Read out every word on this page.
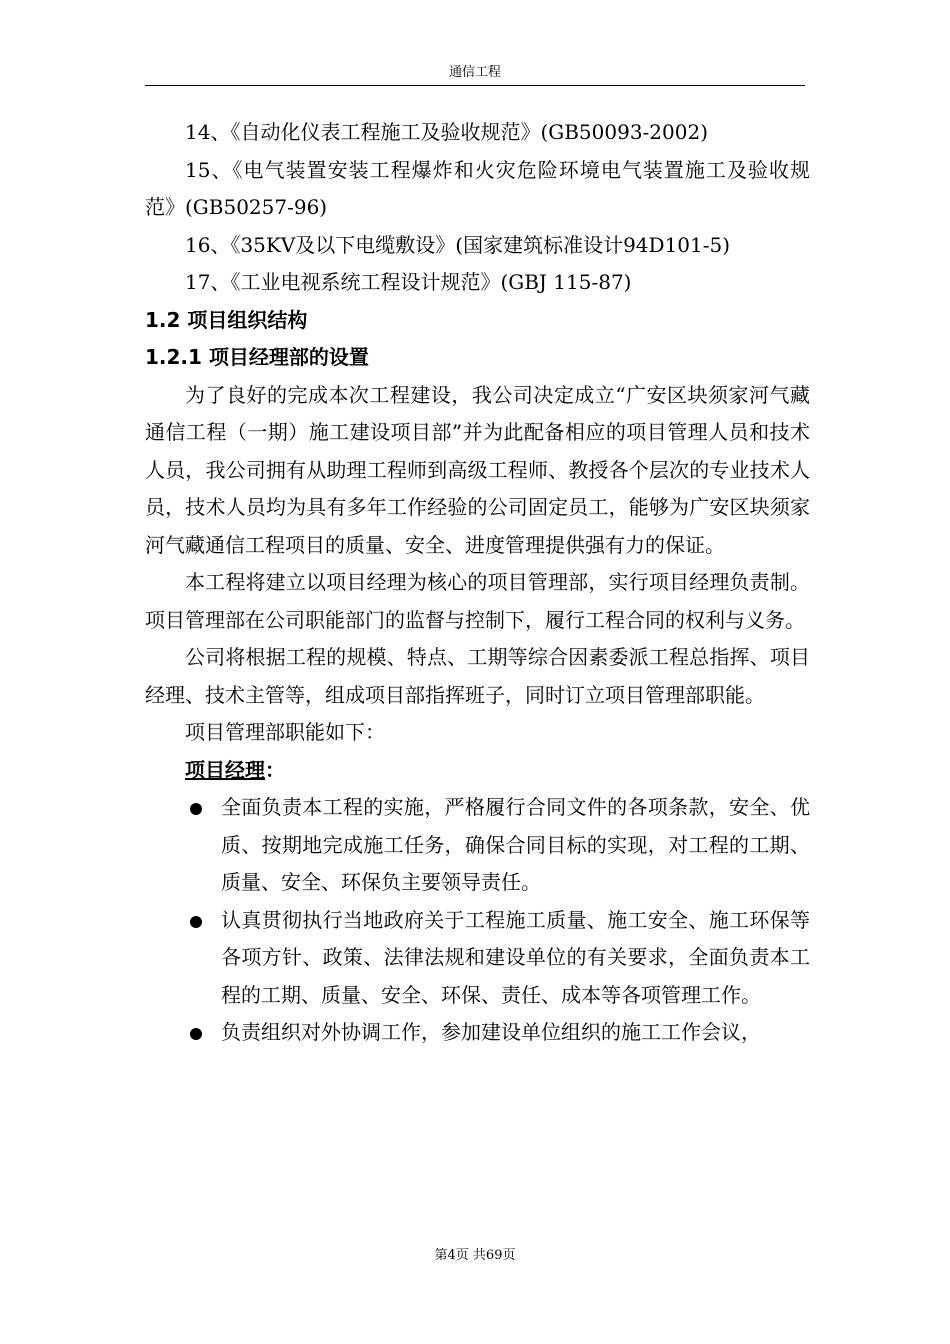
通信工程

14、《自动化仪表工程施工及验收规范》(GB50093-2002)

15、《电气装置安装工程爆炸和火灾危险环境电气装置施工及验收规范》(GB50257-96)

16、《35KV及以下电缆敷设》(国家建筑标准设计94D101-5)

17、《工业电视系统工程设计规范》(GBJ 115-87)

1.2 项目组织结构
1.2.1 项目经理部的设置

为了良好的完成本次工程建设，我公司决定成立“广安区块须家河气藏通信工程（一期）施工建设项目部”并为此配备相应的项目管理人员和技术人员，我公司拥有从助理工程师到高级工程师、教授各个层次的专业技术人员，技术人员均为具有多年工作经验的公司固定员工，能够为广安区块须家河气藏通信工程项目的质量、安全、进度管理提供强有力的保证。

本工程将建立以项目经理为核心的项目管理部，实行项目经理负责制。项目管理部在公司职能部门的监督与控制下，履行工程合同的权利与义务。

公司将根据工程的规模、特点、工期等综合因素委派工程总指挥、项目经理、技术主管等，组成项目部指挥班子，同时订立项目管理部职能。

项目管理部职能如下：

项目经理：
全面负责本工程的实施，严格履行合同文件的各项条款，安全、优质、按期地完成施工任务，确保合同目标的实现，对工程的工期、质量、安全、环保负主要领导责任。
认真贯彻执行当地政府关于工程施工质量、施工安全、施工环保等各项方针、政策、法律法规和建设单位的有关要求，全面负责本工程的工期、质量、安全、环保、责任、成本等各项管理工作。
负责组织对外协调工作，参加建设单位组织的施工工作会议，
第4页 共69页
